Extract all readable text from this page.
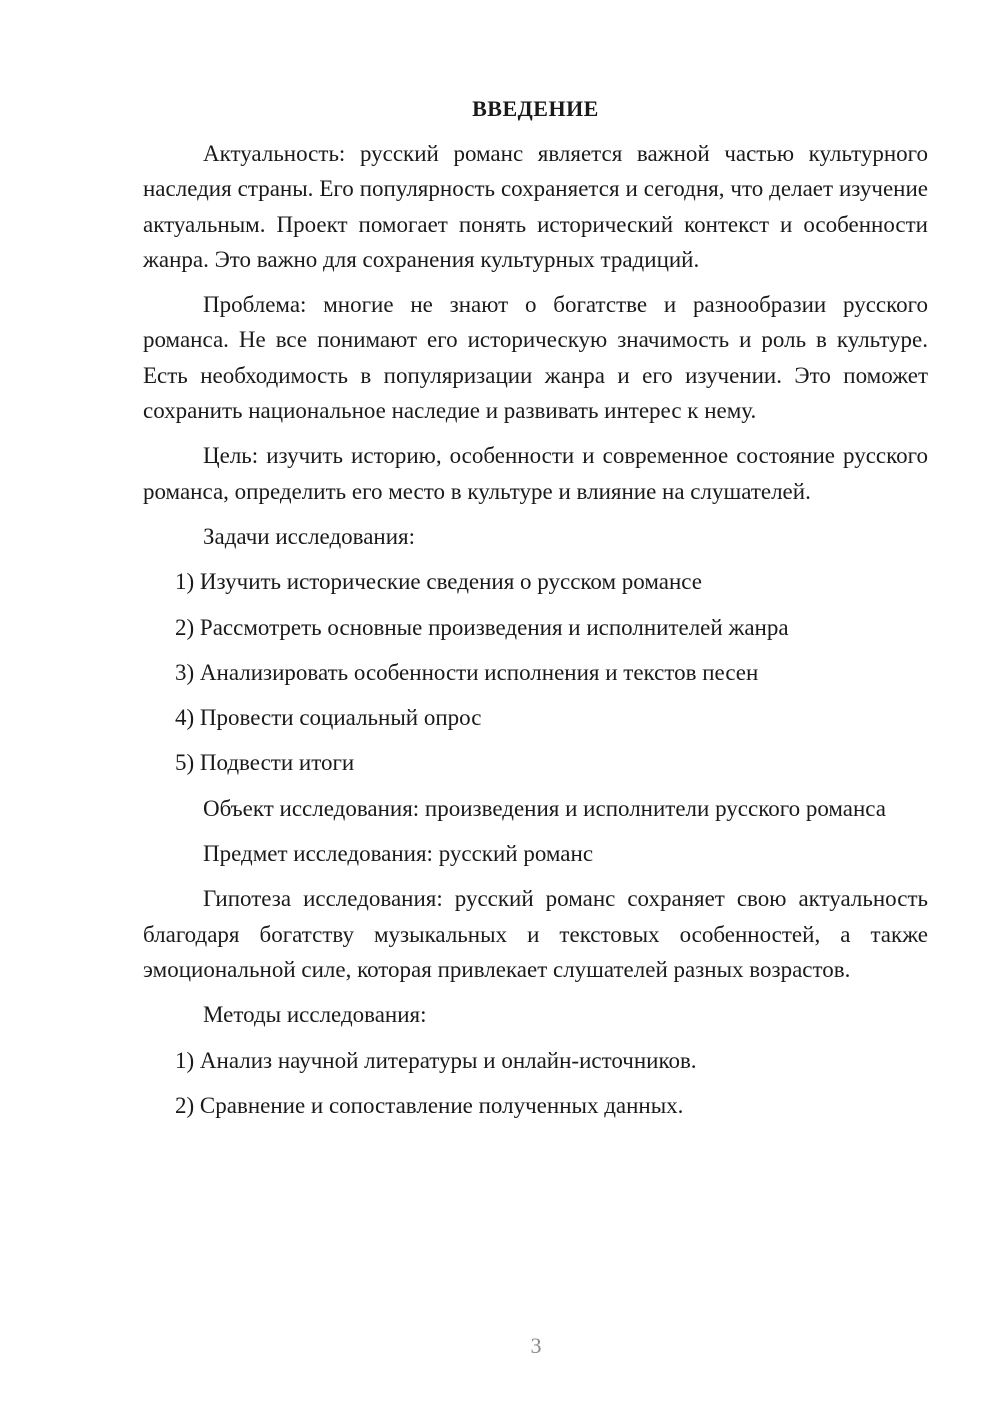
ВВЕДЕНИЕ

Актуальность: русский романс является важной частью культурного наследия страны. Его популярность сохраняется и сегодня, что делает изучение актуальным. Проект помогает понять исторический контекст и особенности жанра. Это важно для сохранения культурных традиций.

Проблема: многие не знают о богатстве и разнообразии русского романса. Не все понимают его историческую значимость и роль в культуре. Есть необходимость в популяризации жанра и его изучении. Это поможет сохранить национальное наследие и развивать интерес к нему.

Цель: изучить историю, особенности и современное состояние русского романса, определить его место в культуре и влияние на слушателей.

Задачи исследования:

1) Изучить исторические сведения о русском романсе

2) Рассмотреть основные произведения и исполнителей жанра

3) Анализировать особенности исполнения и текстов песен

4) Провести социальный опрос

5) Подвести итоги

Объект исследования: произведения и исполнители русского романса

Предмет исследования: русский романс

Гипотеза исследования: русский романс сохраняет свою актуальность благодаря богатству музыкальных и текстовых особенностей, а также эмоциональной силе, которая привлекает слушателей разных возрастов.

Методы исследования:

1) Анализ научной литературы и онлайн-источников.

2) Сравнение и сопоставление полученных данных.

3
